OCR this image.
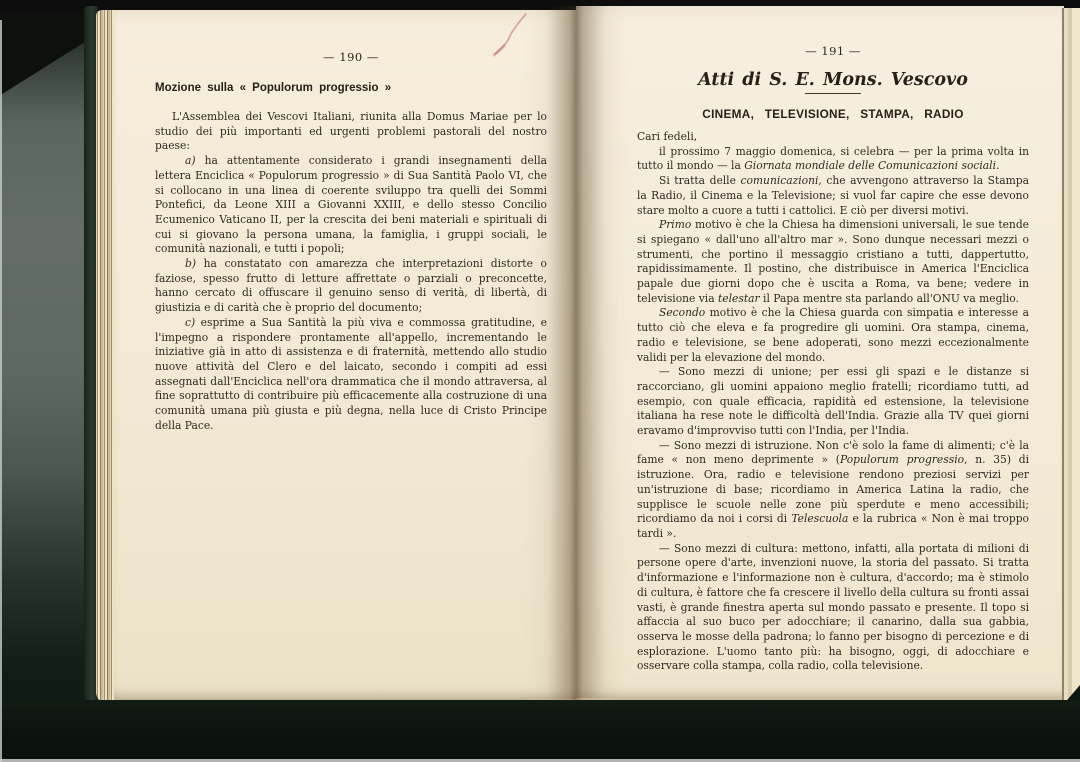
— 190 —
Mozione sulla « Populorum progressio »

L'Assemblea dei Vescovi Italiani, riunita alla Domus Mariae per lo studio dei più importanti ed urgenti problemi pastorali del nostro paese:

a) ha attentamente considerato i grandi insegnamenti della lettera Enciclica « Populorum progressio » di Sua Santità Paolo VI, che si collocano in una linea di coerente sviluppo tra quelli dei Sommi Pontefici, da Leone XIII a Giovanni XXIII, e dello stesso Concilio Ecumenico Vaticano II, per la crescita dei beni materiali e spirituali di cui si giovano la persona umana, la famiglia, i gruppi sociali, le comunità nazionali, e tutti i popoli;

b) ha constatato con amarezza che interpretazioni distorte o faziose, spesso frutto di letture affrettate o parziali o preconcette, hanno cercato di offuscare il genuino senso di verità, di libertà, di giustizia e di carità che è proprio del documento;

c) esprime a Sua Santità la più viva e commossa gratitudine, e l'impegno a rispondere prontamente all'appello, incrementando le iniziative già in atto di assistenza e di fraternità, mettendo allo studio nuove attività del Clero e del laicato, secondo i compiti ad essi assegnati dall'Enciclica nell'ora drammatica che il mondo attraversa, al fine soprattutto di contribuire più efficacemente alla costruzione di una comunità umana più giusta e più degna, nella luce di Cristo Principe della Pace.

— 191 —
Atti di S. E. Mons. Vescovo
CINEMA, TELEVISIONE, STAMPA, RADIO

Cari fedeli,

il prossimo 7 maggio domenica, si celebra — per la prima volta in tutto il mondo — la Giornata mondiale delle Comunicazioni sociali.

Si tratta delle comunicazioni, che avvengono attraverso la Stampa la Radio, il Cinema e la Televisione; si vuol far capire che esse devono stare molto a cuore a tutti i cattolici. E ciò per diversi motivi.

Primo motivo è che la Chiesa ha dimensioni universali, le sue tende si spiegano « dall'uno all'altro mar ». Sono dunque necessari mezzi o strumenti, che portino il messaggio cristiano a tutti, dappertutto, rapidissimamente. Il postino, che distribuisce in America l'Enciclica papale due giorni dopo che è uscita a Roma, va bene; vedere in televisione via telestar il Papa mentre sta parlando all'ONU va meglio.

Secondo motivo è che la Chiesa guarda con simpatia e interesse a tutto ciò che eleva e fa progredire gli uomini. Ora stampa, cinema, radio e televisione, se bene adoperati, sono mezzi eccezionalmente validi per la elevazione del mondo.

— Sono mezzi di unione; per essi gli spazi e le distanze si raccorciano, gli uomini appaiono meglio fratelli; ricordiamo tutti, ad esempio, con quale efficacia, rapidità ed estensione, la televisione italiana ha rese note le difficoltà dell'India. Grazie alla TV quei giorni eravamo d'improvviso tutti con l'India, per l'India.

— Sono mezzi di istruzione. Non c'è solo la fame di alimenti; c'è la fame « non meno deprimente » (Populorum progressio, n. 35) di istruzione. Ora, radio e televisione rendono preziosi servizi per un'istruzione di base; ricordiamo in America Latina la radio, che supplisce le scuole nelle zone più sperdute e meno accessibili; ricordiamo da noi i corsi di Telescuola e la rubrica « Non è mai troppo tardi ».

— Sono mezzi di cultura: mettono, infatti, alla portata di milioni di persone opere d'arte, invenzioni nuove, la storia del passato. Si tratta d'informazione e l'informazione non è cultura, d'accordo; ma è stimolo di cultura, è fattore che fa crescere il livello della cultura su fronti assai vasti, è grande finestra aperta sul mondo passato e presente. Il topo si affaccia al suo buco per adocchiare; il canarino, dalla sua gabbia, osserva le mosse della padrona; lo fanno per bisogno di percezione e di esplorazione. L'uomo tanto più: ha bisogno, oggi, di adocchiare e osservare colla stampa, colla radio, colla televisione.
